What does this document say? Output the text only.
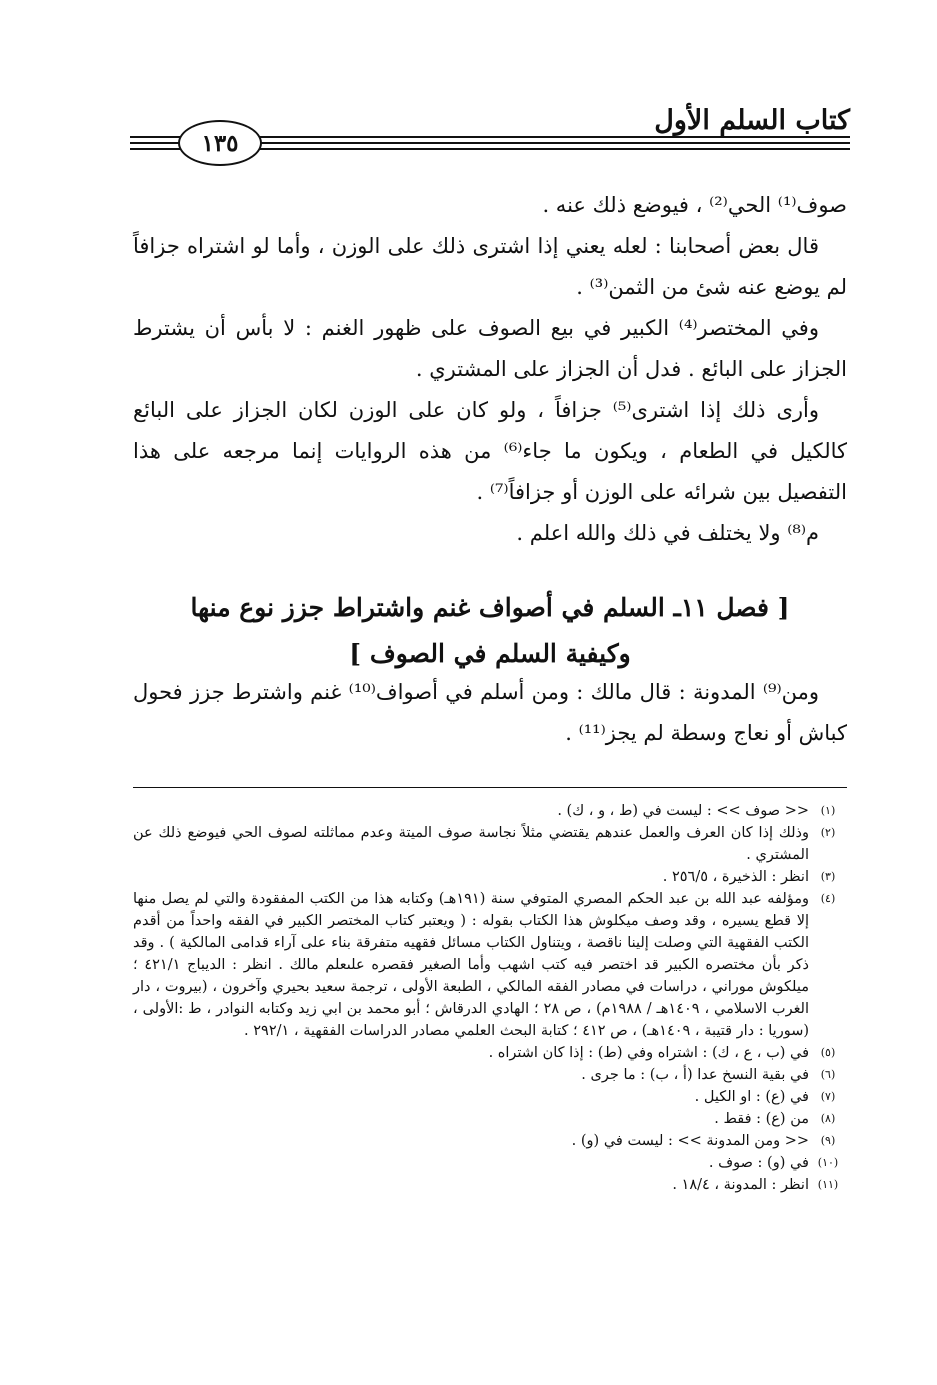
١٣٥
كتاب السلم الأول

صوف⁽¹⁾ الحي⁽²⁾ ، فيوضع ذلك عنه .

قال بعض أصحابنا : لعله يعني إذا اشترى ذلك على الوزن ، وأما لو اشتراه جزافاً لم يوضع عنه شئ من الثمن⁽³⁾ .

وفي المختصر⁽⁴⁾ الكبير في بيع الصوف على ظهور الغنم : لا بأس أن يشترط الجزاز على البائع . فدل أن الجزاز على المشتري .

وأرى ذلك إذا اشترى⁽⁵⁾ جزافاً ، ولو كان على الوزن لكان الجزاز على البائع كالكيل في الطعام ، ويكون ما جاء⁽⁶⁾ من هذه الروايات إنما مرجعه على هذا التفصيل بين شرائه على الوزن أو جزافاً⁽⁷⁾ .

م⁽⁸⁾ ولا يختلف في ذلك والله اعلم .

[ فصل ١١ـ السلم في أصواف غنم واشتراط جزز نوع منها
وكيفية السلم في الصوف ]

ومن⁽⁹⁾ المدونة : قال مالك : ومن أسلم في أصواف⁽¹⁰⁾ غنم واشترط جزز فحول كباش أو نعاج وسطة لم يجز⁽¹¹⁾ .

(١)
<< صوف >> : ليست في (ط ، و ، ك) .
(٢)
وذلك إذا كان العرف والعمل عندهم يقتضي مثلاً نجاسة صوف الميتة وعدم مماثلته لصوف الحي فيوضع ذلك عن المشتري .
(٣)
انظر : الذخيرة ، ٢٥٦/٥ .
(٤)
ومؤلفه عبد الله بن عبد الحكم المصري المتوفي سنة (١٩١هـ) وكتابه هذا من الكتب المفقودة والتي لم يصل منها إلا قطع يسيره ، وقد وصف ميكلوش هذا الكتاب بقوله : ( ويعتبر كتاب المختصر الكبير في الفقه واحداً من أقدم الكتب الفقهية التي وصلت إلينا ناقصة ، ويتناول الكتاب مسائل فقهيه متفرقة بناء على آراء قدامى المالكية ) . وقد ذكر بأن مختصره الكبير قد اختصر فيه كتب اشهب وأما الصغير فقصره علىعلم مالك . انظر : الديباج ٤٢١/١ ؛ ميلكوش موراني ، دراسات في مصادر الفقه المالكي ، الطبعة الأولى ، ترجمة سعيد بحيري وآخرون ، (بيروت ، دار الغرب الاسلامي ، ١٤٠٩هـ / ١٩٨٨م) ، ص ٢٨ ؛ الهادي الدرقاش ؛ أبو محمد بن ابي زيد وكتابه النوادر ، ط :الأولى ، (سوريا : دار قتيبة ، ١٤٠٩هـ) ، ص ٤١٢ ؛ كتابة البحث العلمي مصادر الدراسات الفقهية ، ٢٩٢/١ .
(٥)
في (ب ، ع ، ك) : اشتراه وفي (ط) : إذا كان اشتراه .
(٦)
في بقية النسخ عدا (أ ، ب) : ما جرى .
(٧)
في (ع) : او الكيل .
(٨)
من (ع) : فقط .
(٩)
<< ومن المدونة >> : ليست في (و) .
(١٠)
في (و) : صوف .
(١١)
انظر : المدونة ، ١٨/٤ .
